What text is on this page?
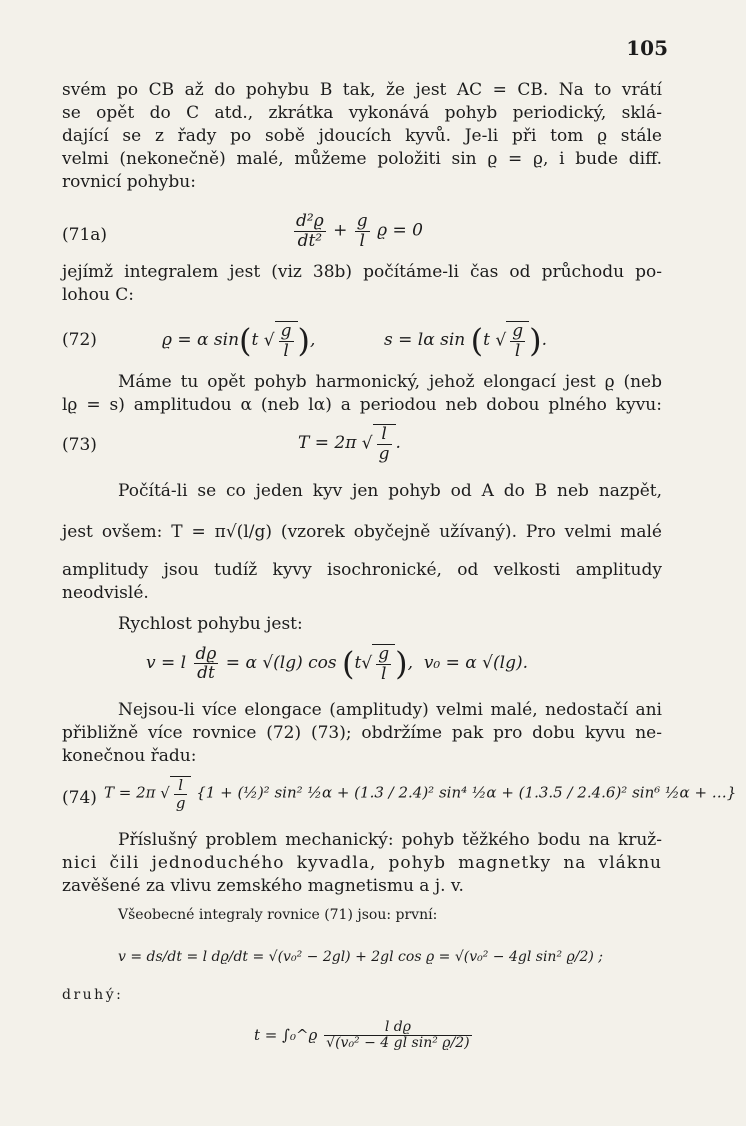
105
svém po CB až do pohybu B tak, že jest AC = CB. Na to vrátí
se opět do C atd., zkrátka vykonává pohyb periodický, sklá-
dající se z řady po sobě jdoucích kyvů. Je-li při tom ϱ stále
velmi (nekonečně) malé, můžeme položiti sin ϱ = ϱ, i bude diff.
rovnicí pohybu:
(71a)	$\frac{\text{d²ϱ}}{\text{dt²}} + \frac{g}{l}$ ϱ = 0
jejímž integralem jest (viz 38b) počítáme-li čas od průchodu po-
lohou C:
(72)	ϱ = α sin(t √ $\frac{g}{l}$ ),	s = lα sin (t √ $\frac{g}{l}$ ).
Máme tu opět pohyb harmonický, jehož elongací jest ϱ (neb
lϱ = s) amplitudou α (neb lα) a periodou neb dobou plného kyvu:
(73)	T = 2π √ $\frac{l}{g}$ .
Počítá-li se co jeden kyv jen pohyb od A do B neb nazpět,
jest ovšem: T = π√(l/g) (vzorek obyčejně užívaný). Pro velmi malé
amplitudy jsou tudíž kyvy isochronické, od velkosti amplitudy
neodvislé.
Rychlost pohybu jest:
v = l $\frac{dϱ}{dt} = \alpha$ √(lg) $\cos (t√ \frac{g}{l}$ ),  v₀ = α √(lg).
Nejsou-li více elongace (amplitudy) velmi malé, nedostačí ani
přibližně více rovnice (72) (73); obdržíme pak pro dobu kyvu ne-
konečnou řadu:
(74) T = 2π √ $\frac{l}{g} \{1$ + (½)² sin² ½α + (1.3 / 2.4)² sin⁴ ½α + (1.3.5 / 2.4.6)² sin⁶ ½α + …}
Příslušný problem mechanický: pohyb těžkého bodu na kruž-
nici čili jednoduchého kyvadla, pohyb magnetky na vláknu
zavěšené za vlivu zemského magnetismu a j. v.
Všeobecné integraly rovnice (71) jsou: první:
v = ds/dt = l dϱ/dt = √(v₀² − 2gl) + 2gl cos ϱ = √(v₀² − 4gl sin² ϱ/2) ;
druhý:
t = ∫₀^ϱ $\frac{\text{l dϱ}}{\text{√(v₀² − 4 gl sin² ϱ/2)}}$
